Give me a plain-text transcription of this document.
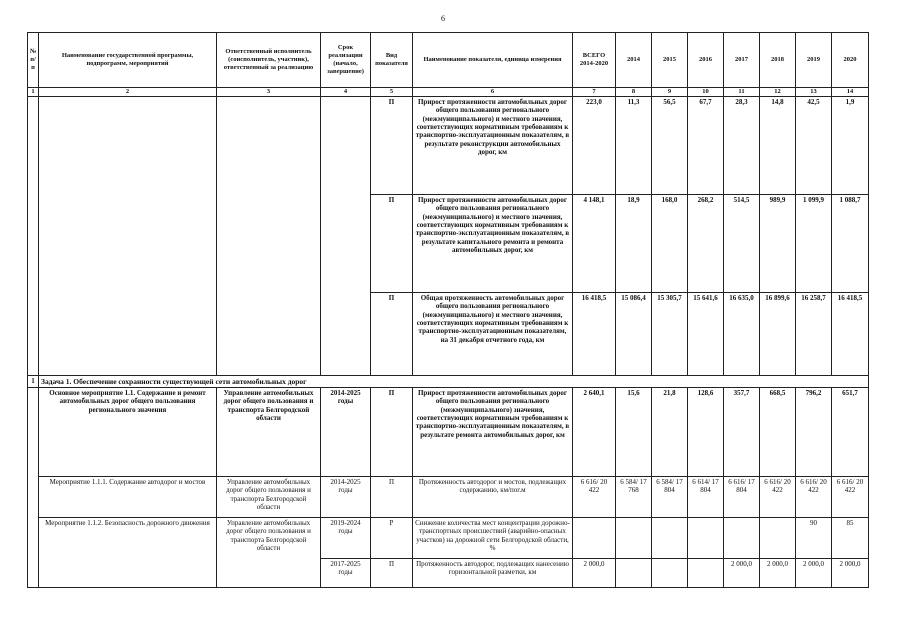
6
№ п/п	Наименование государственной программы, подпрограмм, мероприятий	Ответственный исполнитель (соисполнитель, участник), ответственный за реализацию	Срок реализации (начало, завершение)	Вид показателя	Наименование показателя, единица измерения	ВСЕГО 2014-2020	2014	2015	2016	2017	2018	2019	2020
1	2	3	4	5	6	7	8	9	10	11	12	13	14
				П	Прирост протяженности автомобильных дорог общего пользования регионального (межмуниципального) и местного значения, соответствующих нормативным требованиям к транспортно-эксплуатационным показателям, в результате реконструкции автомобильных дорог, км	223,0	11,3	56,5	67,7	28,3	14,8	42,5	1,9
				П	Прирост протяженности автомобильных дорог общего пользования регионального (межмуниципального) и местного значения, соответствующих нормативным требованиям к транспортно-эксплуатационным показателям, в результате капитального ремонта и ремонта автомобильных дорог, км	4 148,1	18,9	168,0	268,2	514,5	989,9	1 099,9	1 088,7
				П	Общая протяженность автомобильных дорог общего пользования регионального (межмуниципального) и местного значения, соответствующих нормативным требованиям к транспортно-эксплуатационным показателям, на 31 декабря отчетного года, км	16 418,5	15 086,4	15 305,7	15 641,6	16 635,0	16 899,6	16 258,7	16 418,5
1	Задача 1. Обеспечение сохранности существующей сети автомобильных дорог												
	Основное мероприятие 1.1. Содержание и ремонт автомобильных дорог общего пользования регионального значения	Управление автомобильных дорог общего пользования и транспорта Белгородской области	2014-2025 годы	П	Прирост протяженности автомобильных дорог общего пользования регионального (межмуниципального) значения, соответствующих нормативным требованиям к транспортно-эксплуатационным показателям, в результате ремонта автомобильных дорог, км	2 640,1	15,6	21,8	128,6	357,7	668,5	796,2	651,7
	Мероприятие 1.1.1. Содержание автодорог и мостов	Управление автомобильных дорог общего пользования и транспорта Белгородской области	2014-2025 годы	П	Протяженность автодорог и мостов, подлежащих содержанию, км/пог.м	6 616/ 20 422	6 584/ 17 768	6 584/ 17 804	6 614/ 17 804	6 616/ 17 804	6 616/ 20 422	6 616/ 20 422	6 616/ 20 422
	Мероприятие 1.1.2. Безопасность дорожного движения	Управление автомобильных дорог общего пользования и транспорта Белгородской области	2019-2024 годы	Р	Снижение количества мест концентрации дорожно-транспортных происшествий (аварийно-опасных участков) на дорожной сети Белгородской области, %							90	85
			2017-2025 годы	П	Протяженность автодорог, подлежащих нанесению горизонтальной разметки, км	2 000,0				2 000,0	2 000,0	2 000,0	2 000,0
